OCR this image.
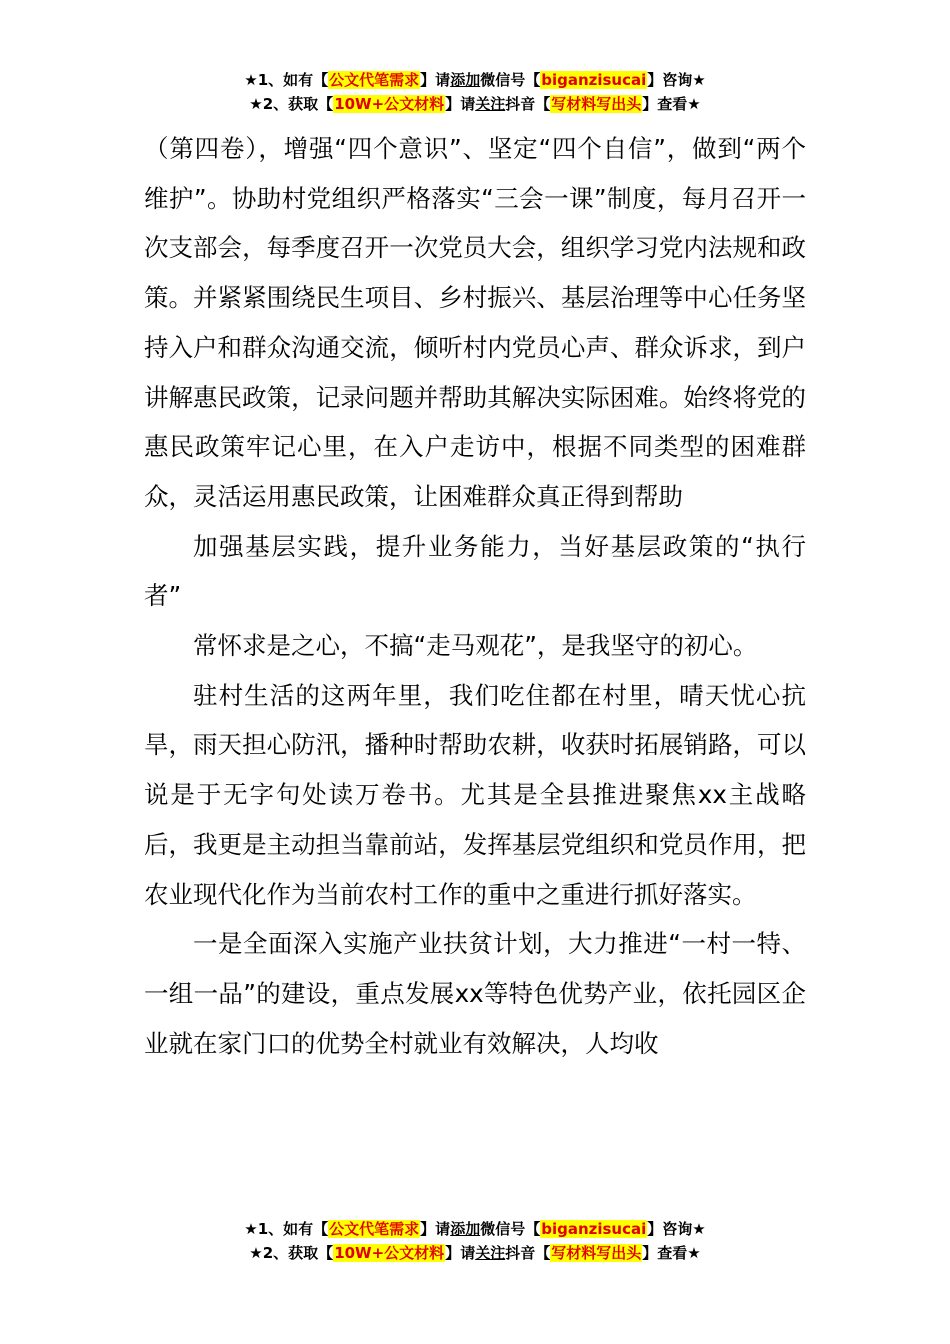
★1、如有【公文代笔需求】请添加微信号【biganzisucai】咨询★
★2、获取【10W+公文材料】请关注抖音【写材料写出头】查看★

（第四卷），增强“四个意识”、坚定“四个自信”，做到“两个维护”。协助村党组织严格落实“三会一课”制度，每月召开一次支部会，每季度召开一次党员大会，组织学习党内法规和政策。并紧紧围绕民生项目、乡村振兴、基层治理等中心任务坚持入户和群众沟通交流，倾听村内党员心声、群众诉求，到户讲解惠民政策，记录问题并帮助其解决实际困难。始终将党的惠民政策牢记心里，在入户走访中，根据不同类型的困难群众，灵活运用惠民政策，让困难群众真正得到帮助

加强基层实践，提升业务能力，当好基层政策的“执行者”

常怀求是之心，不搞“走马观花”，是我坚守的初心。

驻村生活的这两年里，我们吃住都在村里，晴天忧心抗旱，雨天担心防汛，播种时帮助农耕，收获时拓展销路，可以说是于无字句处读万卷书。尤其是全县推进聚焦xx主战略后，我更是主动担当靠前站，发挥基层党组织和党员作用，把农业现代化作为当前农村工作的重中之重进行抓好落实。

一是全面深入实施产业扶贫计划，大力推进“一村一特、一组一品”的建设，重点发展xx等特色优势产业，依托园区企业就在家门口的优势全村就业有效解决，人均收

★1、如有【公文代笔需求】请添加微信号【biganzisucai】咨询★
★2、获取【10W+公文材料】请关注抖音【写材料写出头】查看★
